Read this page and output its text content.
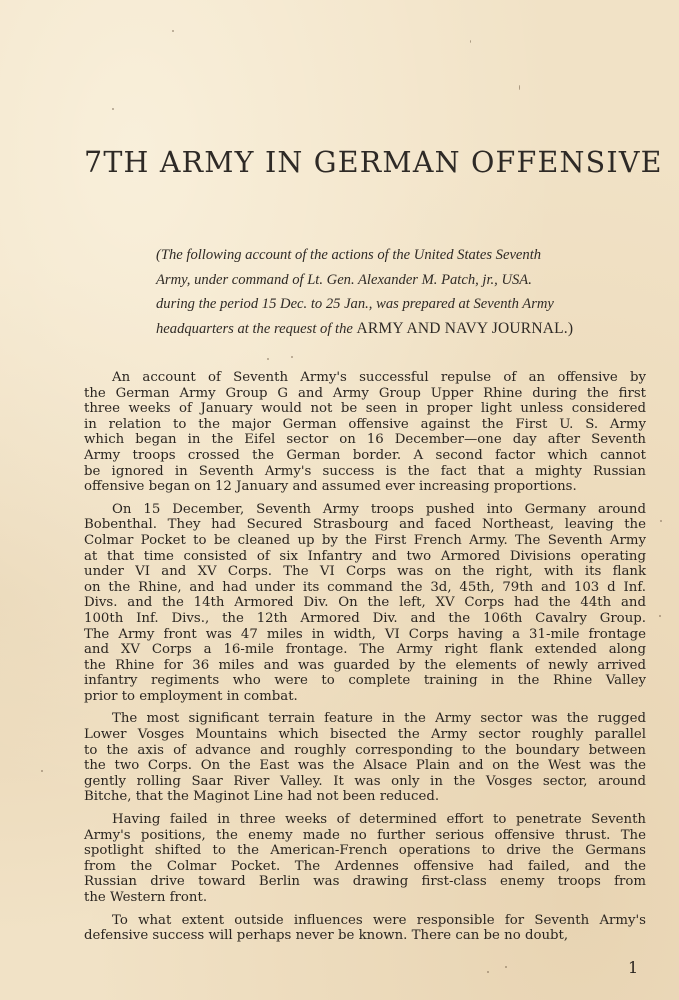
7TH ARMY IN GERMAN OFFENSIVE
(The following account of the actions of the United States Seventh
Army, under command of Lt. Gen. Alexander M. Patch, jr., USA.
during the period 15 Dec. to 25 Jan., was prepared at Seventh Army
headquarters at the request of the ARMY AND NAVY JOURNAL.)
An account of Seventh Army's successful repulse of an offensive by
the German Army Group G and Army Group Upper Rhine during the first
three weeks of January would not be seen in proper light unless considered
in relation to the major German offensive against the First U. S. Army
which began in the Eifel sector on 16 December—one day after Seventh
Army troops crossed the German border. A second factor which cannot
be ignored in Seventh Army's success is the fact that a mighty Russian
offensive began on 12 January and assumed ever increasing proportions.
On 15 December, Seventh Army troops pushed into Germany around
Bobenthal. They had Secured Strasbourg and faced Northeast, leaving the
Colmar Pocket to be cleaned up by the First French Army. The Seventh Army
at that time consisted of six Infantry and two Armored Divisions operating
under VI and XV Corps. The VI Corps was on the right, with its flank
on the Rhine, and had under its command the 3d, 45th, 79th and 103 d Inf.
Divs. and the 14th Armored Div. On the left, XV Corps had the 44th and
100th Inf. Divs., the 12th Armored Div. and the 106th Cavalry Group.
The Army front was 47 miles in width, VI Corps having a 31-mile frontage
and XV Corps a 16-mile frontage. The Army right flank extended along
the Rhine for 36 miles and was guarded by the elements of newly arrived
infantry regiments who were to complete training in the Rhine Valley
prior to employment in combat.
The most significant terrain feature in the Army sector was the rugged
Lower Vosges Mountains which bisected the Army sector roughly parallel
to the axis of advance and roughly corresponding to the boundary between
the two Corps. On the East was the Alsace Plain and on the West was the
gently rolling Saar River Valley. It was only in the Vosges sector, around
Bitche, that the Maginot Line had not been reduced.
Having failed in three weeks of determined effort to penetrate Seventh
Army's positions, the enemy made no further serious offensive thrust. The
spotlight shifted to the American-French operations to drive the Germans
from the Colmar Pocket. The Ardennes offensive had failed, and the
Russian drive toward Berlin was drawing first-class enemy troops from
the Western front.
To what extent outside influences were responsible for Seventh Army's
defensive success will perhaps never be known. There can be no doubt,
1
